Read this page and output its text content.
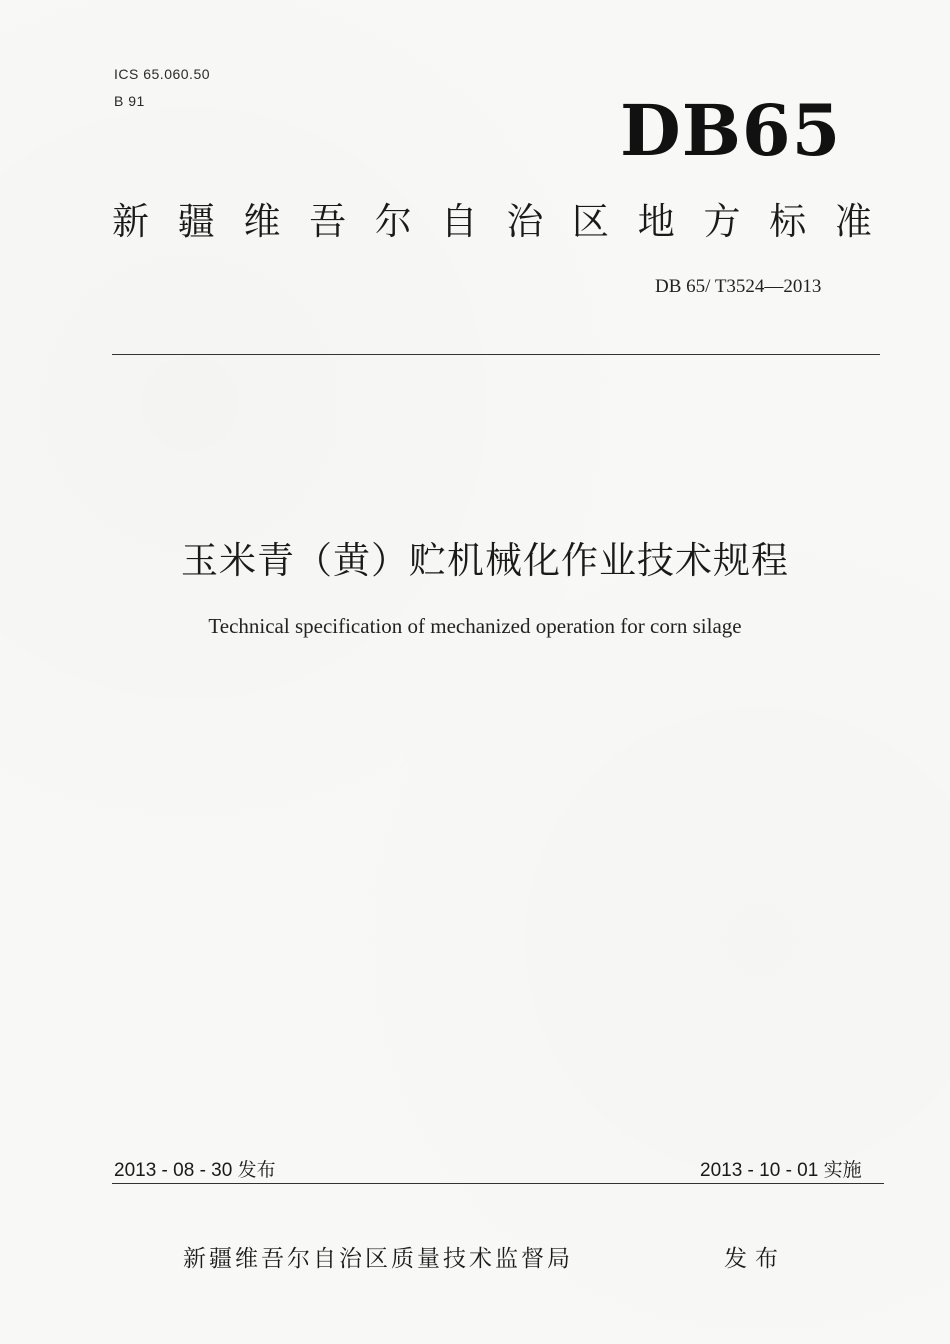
ICS 65.060.50
B 91	DB65
新 疆 维 吾 尔 自 治 区 地 方 标 准
DB 65/ T3524—2013
玉米青（黄）贮机械化作业技术规程
Technical specification of mechanized operation for corn silage
2013 - 08 - 30 发布	2013 - 10 - 01 实施
新疆维吾尔自治区质量技术监督局	发布
